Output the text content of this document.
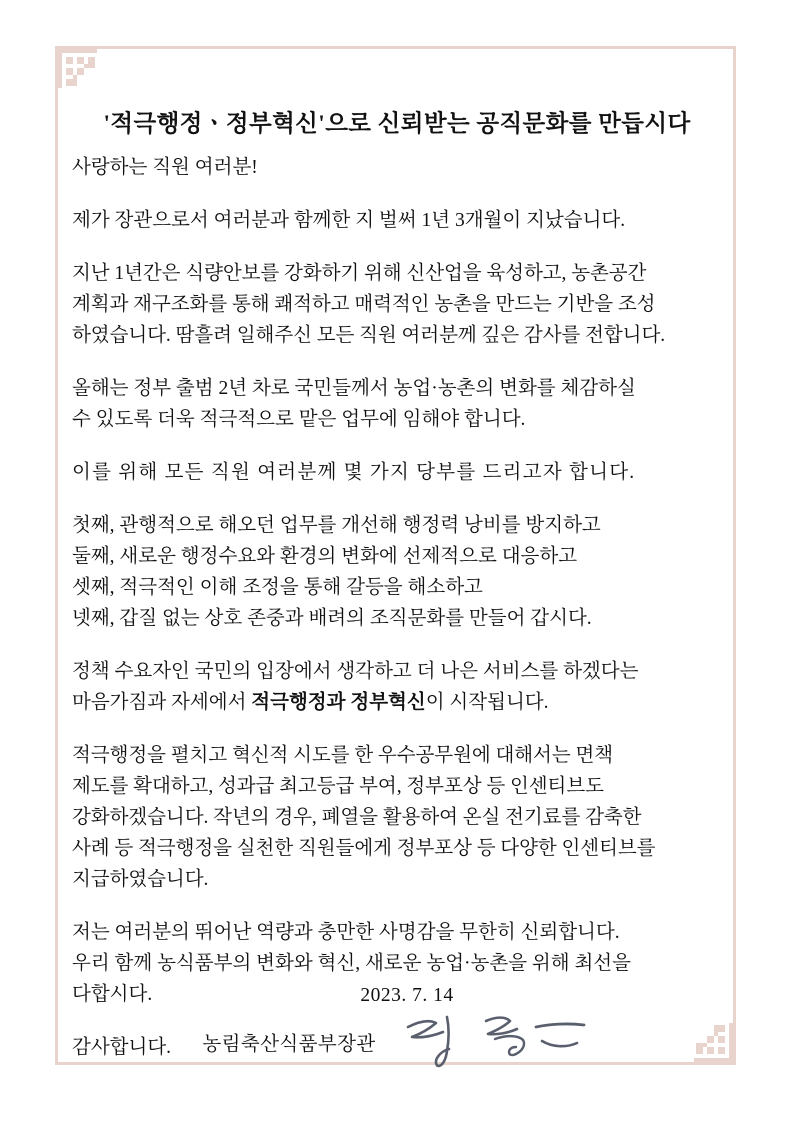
'적극행정ㆍ정부혁신'으로 신뢰받는 공직문화를 만듭시다

사랑하는 직원 여러분!

제가 장관으로서 여러분과 함께한 지 벌써 1년 3개월이 지났습니다.

지난 1년간은 식량안보를 강화하기 위해 신산업을 육성하고, 농촌공간
계획과 재구조화를 통해 쾌적하고 매력적인 농촌을 만드는 기반을 조성
하였습니다. 땀흘려 일해주신 모든 직원 여러분께 깊은 감사를 전합니다.

올해는 정부 출범 2년 차로 국민들께서 농업·농촌의 변화를 체감하실
수 있도록 더욱 적극적으로 맡은 업무에 임해야 합니다.

이를 위해 모든 직원 여러분께 몇 가지 당부를 드리고자 합니다.

첫째, 관행적으로 해오던 업무를 개선해 행정력 낭비를 방지하고
둘째, 새로운 행정수요와 환경의 변화에 선제적으로 대응하고
셋째, 적극적인 이해 조정을 통해 갈등을 해소하고
넷째, 갑질 없는 상호 존중과 배려의 조직문화를 만들어 갑시다.

정책 수요자인 국민의 입장에서 생각하고 더 나은 서비스를 하겠다는
마음가짐과 자세에서 적극행정과 정부혁신이 시작됩니다.

적극행정을 펼치고 혁신적 시도를 한 우수공무원에 대해서는 면책
제도를 확대하고, 성과급 최고등급 부여, 정부포상 등 인센티브도
강화하겠습니다. 작년의 경우, 폐열을 활용하여 온실 전기료를 감축한
사례 등 적극행정을 실천한 직원들에게 정부포상 등 다양한 인센티브를
지급하였습니다.

저는 여러분의 뛰어난 역량과 충만한 사명감을 무한히 신뢰합니다.
우리 함께 농식품부의 변화와 혁신, 새로운 농업·농촌을 위해 최선을
다합시다.

감사합니다.

2023. 7. 14
농림축산식품부장관
